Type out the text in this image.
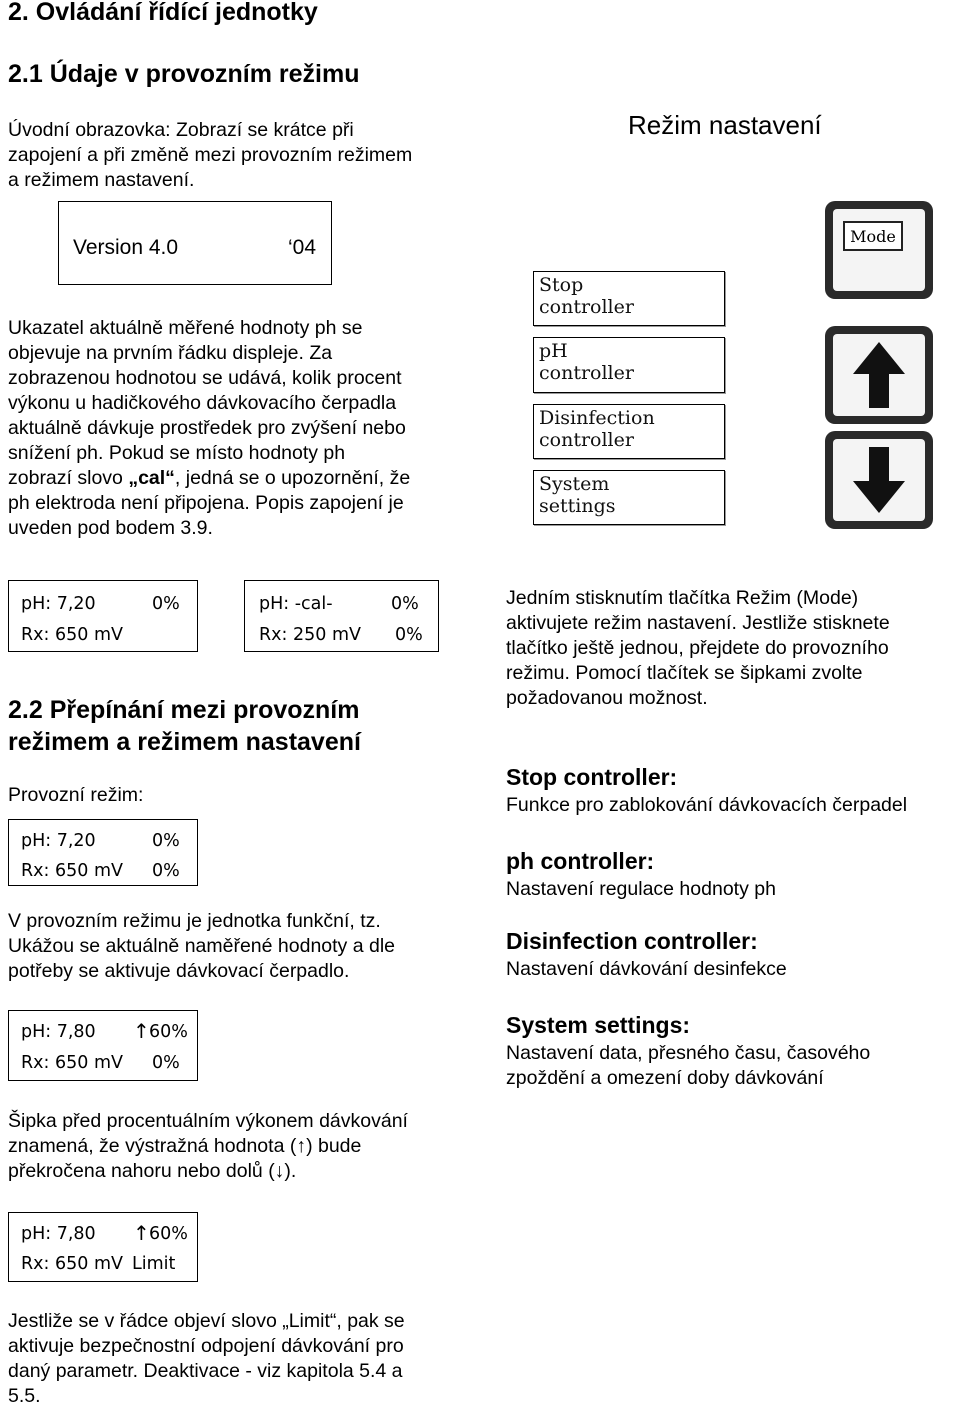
2. Ovládání řídící jednotky
2.1 Údaje v provozním režimu
Úvodní obrazovka: Zobrazí se krátce při
zapojení a při změně mezi provozním režimem
a režimem nastavení.
Version 4.0	‘04
Ukazatel aktuálně měřené hodnoty ph se
objevuje na prvním řádku displeje. Za
zobrazenou hodnotou se udává, kolik procent
výkonu u hadičkového dávkovacího čerpadla
aktuálně dávkuje prostředek pro zvýšení nebo
snížení ph. Pokud se místo hodnoty ph
zobrazí slovo „cal“, jedná se o upozornění, že
ph elektroda není připojena. Popis zapojení je
uveden pod bodem 3.9.
pH: 7,20	0%
Rx: 650 mV
pH: -cal-	0%
Rx: 250 mV 0%
2.2 Přepínání mezi provozním
režimem a režimem nastavení
Provozní režim:
pH: 7,20	0%
Rx: 650 mV 0%
V provozním režimu je jednotka funkční, tz.
Ukážou se aktuálně naměřené hodnoty a dle
potřeby se aktivuje dávkovací čerpadlo.
pH: 7,80 ↑ 60%
Rx: 650 mV 0%
Šipka před procentuálním výkonem dávkování
znamená, že výstražná hodnota (↑) bude
překročena nahoru nebo dolů (↓).
pH: 7,80 ↑ 60%
Rx: 650 mV Limit
Jestliže se v řádce objeví slovo „Limit“, pak se
aktivuje bezpečnostní odpojení dávkování pro
daný parametr. Deaktivace - viz kapitola 5.4 a
5.5.
Režim nastavení
Stop
controller
pH
controller
Disinfection
controller
System
settings
Mode
Jedním stisknutím tlačítka Režim (Mode)
aktivujete režim nastavení. Jestliže stisknete
tlačítko ještě jednou, přejdete do provozního
režimu. Pomocí tlačítek se šipkami zvolte
požadovanou možnost.
Stop controller:
Funkce pro zablokování dávkovacích čerpadel
ph controller:
Nastavení regulace hodnoty ph
Disinfection controller:
Nastavení dávkování desinfekce
System settings:
Nastavení data, přesného času, časového
zpoždění a omezení doby dávkování
